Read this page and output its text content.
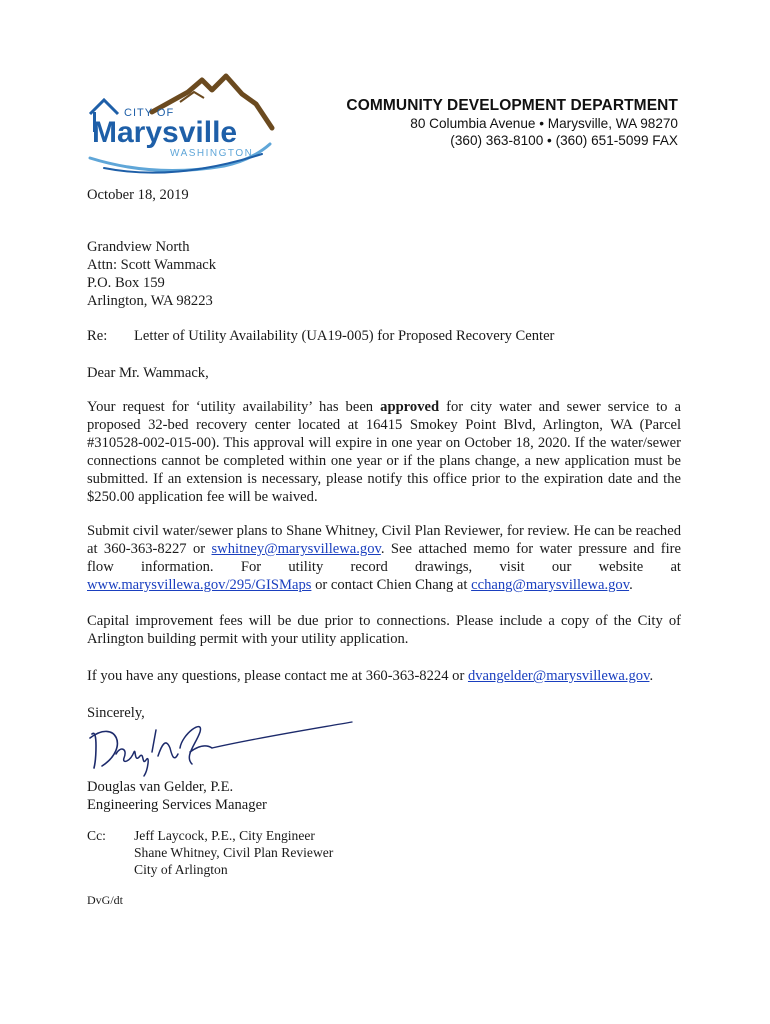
CITY OF
Marysville
WASHINGTON
COMMUNITY DEVELOPMENT DEPARTMENT
80 Columbia Avenue • Marysville, WA 98270
(360) 363-8100 • (360) 651-5099 FAX
October 18, 2019
Grandview North
Attn: Scott Wammack
P.O. Box 159
Arlington, WA 98223
Re: Letter of Utility Availability (UA19-005) for Proposed Recovery Center
Dear Mr. Wammack,

Your request for ‘utility availability’ has been approved for city water and sewer service to a proposed 32-bed recovery center located at 16415 Smokey Point Blvd, Arlington, WA (Parcel #310528-002-015-00). This approval will expire in one year on October 18, 2020. If the water/sewer connections cannot be completed within one year or if the plans change, a new application must be submitted. If an extension is necessary, please notify this office prior to the expiration date and the $250.00 application fee will be waived.

Submit civil water/sewer plans to Shane Whitney, Civil Plan Reviewer, for review. He can be reached at 360-363-8227 or swhitney@marysvillewa.gov. See attached memo for water pressure and fire flow information. For utility record drawings, visit our website at www.marysvillewa.gov/295/GISMaps or contact Chien Chang at cchang@marysvillewa.gov.

Capital improvement fees will be due prior to connections. Please include a copy of the City of Arlington building permit with your utility application.

If you have any questions, please contact me at 360-363-8224 or dvangelder@marysvillewa.gov.

Sincerely,
Douglas van Gelder, P.E.
Engineering Services Manager
Cc: Jeff Laycock, P.E., City Engineer
Shane Whitney, Civil Plan Reviewer
City of Arlington
DvG/dt
